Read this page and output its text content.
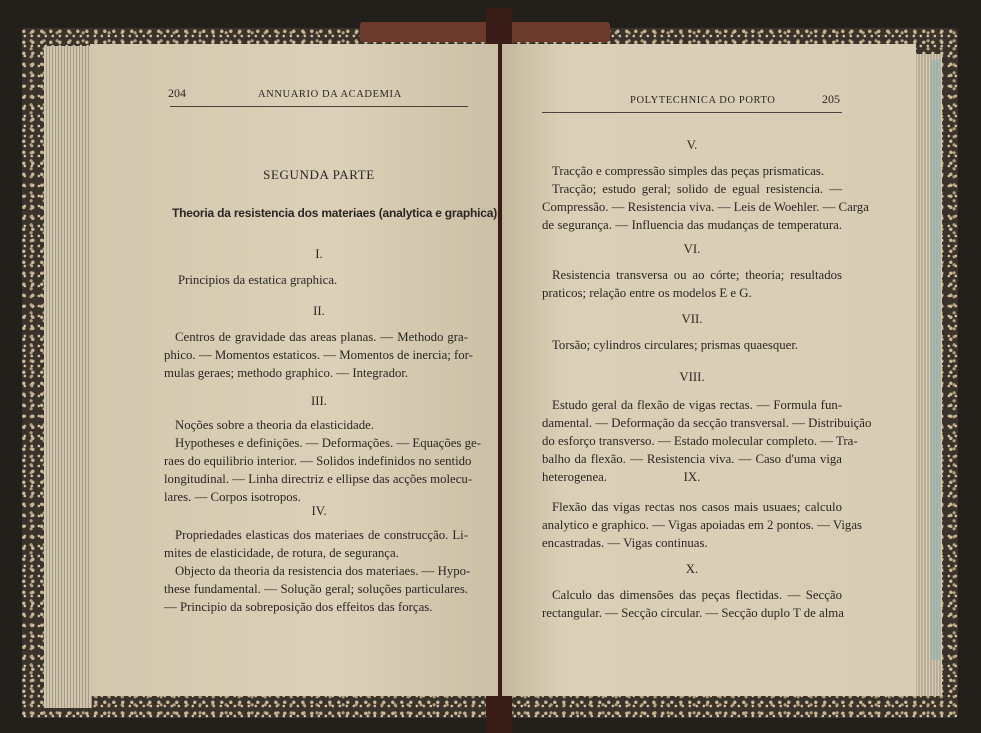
204	ANNUARIO DA ACADEMIA
SEGUNDA PARTE
Theoria da resistencia dos materiaes (analytica e graphica)
I.
Principios da estatica graphica.
II.
Centros de gravidade das areas planas. — Methodo gra-
phico. — Momentos estaticos. — Momentos de inercia; for-
mulas geraes; methodo graphico. — Integrador.
III.
Noções sobre a theoria da elasticidade.
Hypotheses e definições. — Deformações. — Equações ge-
raes do equilibrio interior. — Solidos indefinidos no sentido
longitudinal. — Linha directriz e ellipse das acções molecu-
lares. — Corpos isotropos.
IV.
Propriedades elasticas dos materiaes de construcção. Li-
mites de elasticidade, de rotura, de segurança.
Objecto da theoria da resistencia dos materiaes. — Hypo-
these fundamental. — Solução geral; soluções particulares.
— Principio da sobreposição dos effeitos das forças.
POLYTECHNICA DO PORTO	205
V.
Tracção e compressão simples das peças prismaticas.
Tracção; estudo geral; solido de egual resistencia. —
Compressão. — Resistencia viva. — Leis de Woehler. — Carga
de segurança. — Influencia das mudanças de temperatura.
VI.
Resistencia transversa ou ao córte; theoria; resultados
praticos; relação entre os modelos E e G.
VII.
Torsão; cylindros circulares; prismas quaesquer.
VIII.
Estudo geral da flexão de vigas rectas. — Formula fun-
damental. — Deformação da secção transversal. — Distribuição
do esforço transverso. — Estado molecular completo. — Tra-
balho da flexão. — Resistencia viva. — Caso d'uma viga
heterogenea.	IX.
Flexão das vigas rectas nos casos mais usuaes; calculo
analytico e graphico. — Vigas apoiadas em 2 pontos. — Vigas
encastradas. — Vigas continuas.
X.
Calculo das dimensões das peças flectidas. — Secção
rectangular. — Secção circular. — Secção duplo T de alma
